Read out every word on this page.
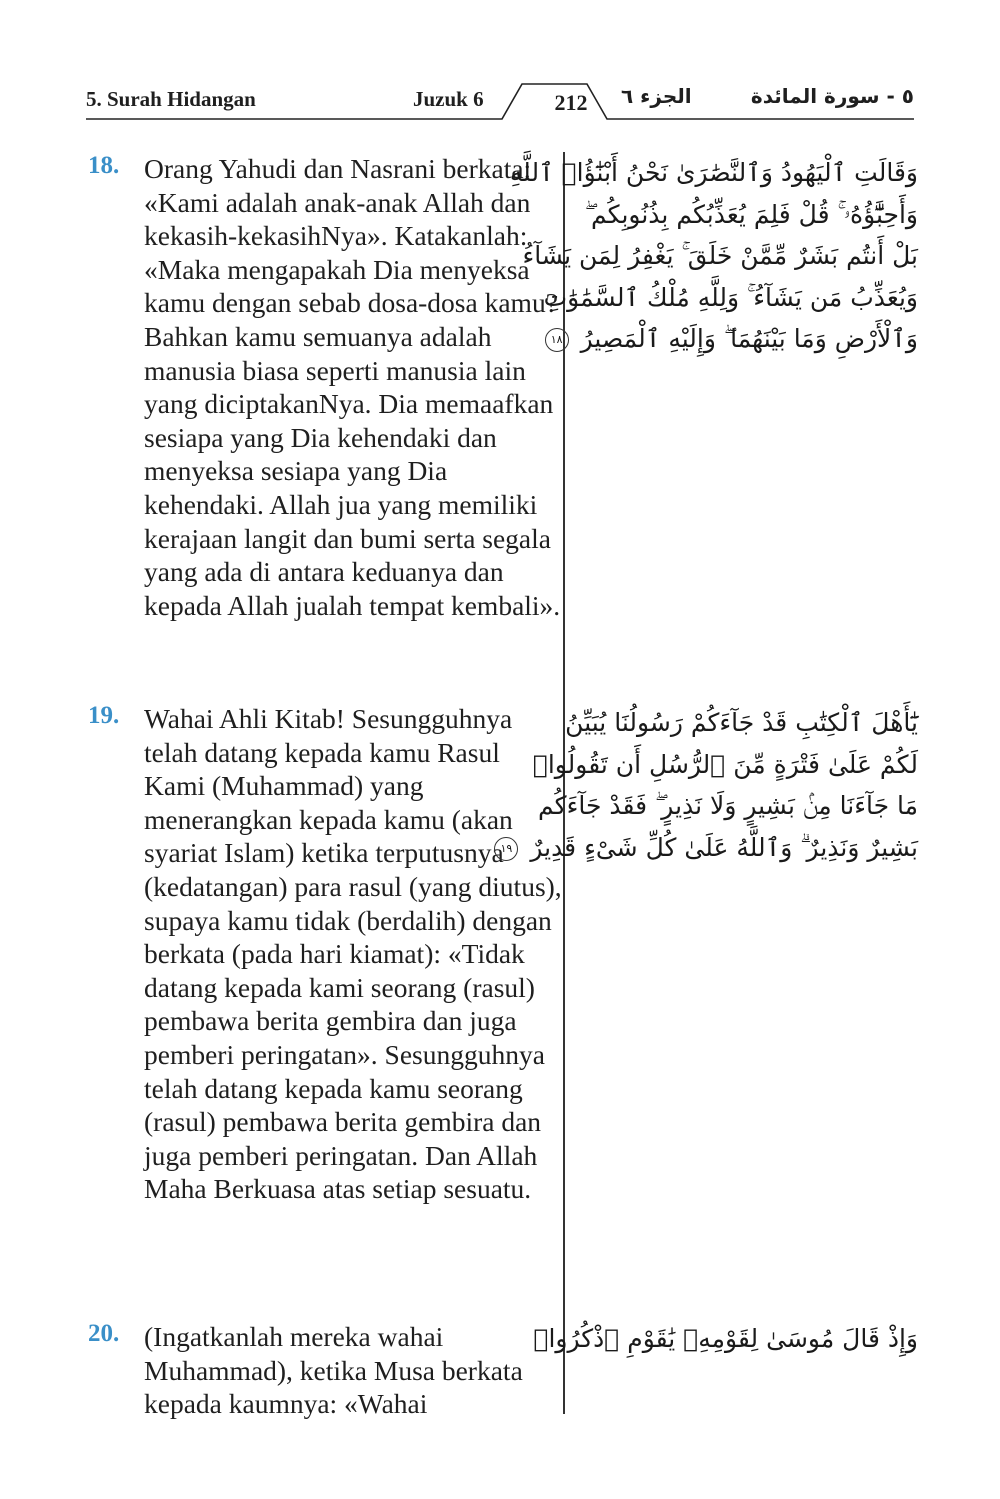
5. Surah Hidangan	Juzuk 6	212	الجزء ٦	٥ - سورة المائدة
18. Orang Yahudi dan Nasrani berkata: «Kami adalah anak-anak Allah dan kekasih-kekasihNya». Katakanlah: «Maka mengapakah Dia menyeksa kamu dengan sebab dosa-dosa kamu? Bahkan kamu semuanya adalah manusia biasa seperti manusia lain yang diciptakanNya. Dia memaafkan sesiapa yang Dia kehendaki dan menyeksa sesiapa yang Dia kehendaki. Allah jua yang memiliki kerajaan langit dan bumi serta segala yang ada di antara keduanya dan kepada Allah jualah tempat kembali».
وَقَالَتِ ٱلْيَهُودُ وَٱلنَّصَٰرَىٰ نَحْنُ أَبْنَٰٓؤُا۟ ٱللَّهِ
وَأَحِبَّٰٓؤُهُۥ ۚ قُلْ فَلِمَ يُعَذِّبُكُم بِذُنُوبِكُم ۖ
بَلْ أَنتُم بَشَرٌ مِّمَّنْ خَلَقَ ۚ يَغْفِرُ لِمَن يَشَآءُ
وَيُعَذِّبُ مَن يَشَآءُ ۚ وَلِلَّهِ مُلْكُ ٱلسَّمَٰوَٰتِ
وَٱلْأَرْضِ وَمَا بَيْنَهُمَا ۖ وَإِلَيْهِ ٱلْمَصِيرُ ١٨
19. Wahai Ahli Kitab! Sesungguhnya telah datang kepada kamu Rasul Kami (Muhammad) yang menerangkan kepada kamu (akan syariat Islam) ketika terputusnya (kedatangan) para rasul (yang diutus), supaya kamu tidak (berdalih) dengan berkata (pada hari kiamat): «Tidak datang kepada kami seorang (rasul) pembawa berita gembira dan juga pemberi peringatan». Sesungguhnya telah datang kepada kamu seorang (rasul) pembawa berita gembira dan juga pemberi peringatan. Dan Allah Maha Berkuasa atas setiap sesuatu.
يَٰٓأَهْلَ ٱلْكِتَٰبِ قَدْ جَآءَكُمْ رَسُولُنَا يُبَيِّنُ
لَكُمْ عَلَىٰ فَتْرَةٍ مِّنَ ٱلرُّسُلِ أَن تَقُولُوا۟
مَا جَآءَنَا مِنۢ بَشِيرٍ وَلَا نَذِيرٍ ۖ فَقَدْ جَآءَكُم
بَشِيرٌ وَنَذِيرٌ ۗ وَٱللَّهُ عَلَىٰ كُلِّ شَىْءٍ قَدِيرٌ ١٩
20. (Ingatkanlah mereka wahai Muhammad), ketika Musa berkata kepada kaumnya: «Wahai
وَإِذْ قَالَ مُوسَىٰ لِقَوْمِهِۦ يَٰقَوْمِ ٱذْكُرُوا۟
